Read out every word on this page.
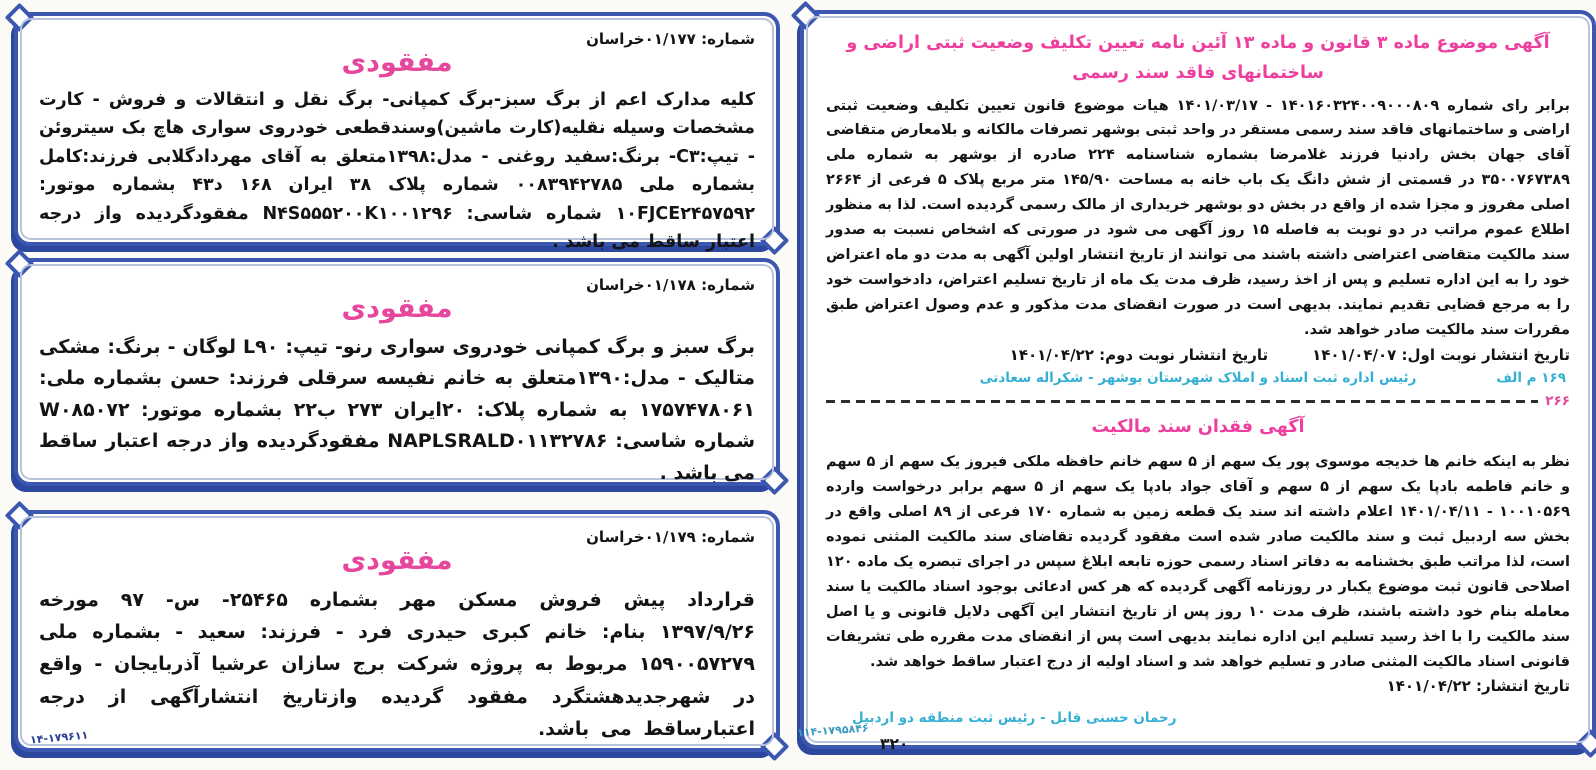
شماره: ۰۱/۱۷۷خراسان
مفقودی
کلیه مدارک اعم از برگ سبز-برگ کمپانی- برگ نقل و انتقالات و فروش - کارت مشخصات وسیله نقلیه(کارت ماشین)وسندقطعی خودروی سواری هاچ بک سیتروئن - تیپ:C۳- برنگ:سفید روغنی - مدل:۱۳۹۸متعلق به آقای مهردادگلابی فرزند:کامل بشماره ملی ۰۰۸۳۹۴۲۷۸۵ شماره پلاک ۳۸ ایران ۱۶۸ د۴۳ بشماره موتور: ۱۰FJCE۲۴۵۷۵۹۲ شماره شاسی: N۴S۵۵۵۲۰۰K۱۰۰۱۲۹۶ مفقودگردیده واز درجه اعتبار ساقط می باشد .
شماره: ۰۱/۱۷۸خراسان
مفقودی
برگ سبز و برگ کمپانی خودروی سواری رنو- تیپ: L۹۰ لوگان - برنگ: مشکی متالیک - مدل:۱۳۹۰متعلق به خانم نفیسه سرقلی فرزند: حسن بشماره ملی: ۱۷۵۷۴۷۸۰۶۱ به شماره پلاک: ۲۰ایران ۲۷۳ ب۲۲ بشماره موتور: W۰۸۵۰۷۲ شماره شاسی: NAPLSRALD۰۱۱۳۲۷۸۶ مفقودگردیده واز درجه اعتبار ساقط می باشد .
شماره: ۰۱/۱۷۹خراسان
مفقودی
قرارداد پیش فروش مسکن مهر بشماره ۲۵۴۶۵- س- ۹۷ مورخه ۱۳۹۷/۹/۲۶ بنام: خانم کبری حیدری فرد - فرزند: سعید - بشماره ملی ۱۵۹۰۰۵۷۲۷۹ مربوط به پروژه شرکت برج سازان عرشیا آذربایجان - واقع در شهرجدیدهشتگرد مفقود گردیده وازتاریخ انتشارآگهی از درجه اعتبارساقط می باشد.
آگهی موضوع ماده ۳ قانون و ماده ۱۳ آئین نامه تعیین تکلیف وضعیت ثبتی اراضی و ساختمانهای فاقد سند رسمی
برابر رای شماره ۱۴۰۱۶۰۳۲۴۰۰۹۰۰۰۸۰۹ - ۱۴۰۱/۰۳/۱۷ هیات موضوع قانون تعیین تکلیف وضعیت ثبتی اراضی و ساختمانهای فاقد سند رسمی مستقر در واحد ثبتی بوشهر تصرفات مالکانه و بلامعارض متقاضی آقای جهان بخش رادنیا فرزند غلامرضا بشماره شناسنامه ۲۲۴ صادره از بوشهر به شماره ملی ۳۵۰۰۷۶۷۳۸۹ در قسمتی از شش دانگ یک باب خانه به مساحت ۱۴۵/۹۰ متر مربع پلاک ۵ فرعی از ۲۶۶۴ اصلی مفروز و مجزا شده از واقع در بخش دو بوشهر خریداری از مالک رسمی گردیده است. لذا به منظور اطلاع عموم مراتب در دو نوبت به فاصله ۱۵ روز آگهی می شود در صورتی که اشخاص نسبت به صدور سند مالکیت متقاضی اعتراضی داشته باشند می توانند از تاریخ انتشار اولین آگهی به مدت دو ماه اعتراض خود را به این اداره تسلیم و پس از اخذ رسید، ظرف مدت یک ماه از تاریخ تسلیم اعتراض، دادخواست خود را به مرجع قضایی تقدیم نمایند. بدیهی است در صورت انقضای مدت مذکور و عدم وصول اعتراض طبق مقررات سند مالکیت صادر خواهد شد.
تاریخ انتشار نوبت اول: ۱۴۰۱/۰۴/۰۷
تاریخ انتشار نوبت دوم: ۱۴۰۱/۰۴/۲۲
۱۶۹ م الف
رئیس اداره ثبت اسناد و املاک شهرستان بوشهر - شکراله سعادتی
۲۶۶
آگهی فقدان سند مالکیت
نظر به اینکه خانم ها خدیجه موسوی پور یک سهم از ۵ سهم خانم حافظه ملکی فیروز یک سهم از ۵ سهم و خانم فاطمه بادپا یک سهم از ۵ سهم و آقای جواد بادپا یک سهم از ۵ سهم برابر درخواست وارده ۱۰۰۱۰۵۶۹ - ۱۴۰۱/۰۴/۱۱ اعلام داشته اند سند یک قطعه زمین به شماره ۱۷۰ فرعی از ۸۹ اصلی واقع در بخش سه اردبیل ثبت و سند مالکیت صادر شده است مفقود گردیده تقاضای سند مالکیت المثنی نموده است، لذا مراتب طبق بخشنامه به دفاتر اسناد رسمی حوزه تابعه ابلاغ سپس در اجرای تبصره یک ماده ۱۲۰ اصلاحی قانون ثبت موضوع یکبار در روزنامه آگهی گردیده که هر کس ادعائی بوجود اسناد مالکیت یا سند معامله بنام خود داشته باشند، ظرف مدت ۱۰ روز پس از تاریخ انتشار این آگهی دلایل قانونی و یا اصل سند مالکیت را با اخذ رسید تسلیم این اداره نمایند بدیهی است پس از انقضای مدت مقرره طی تشریفات قانونی اسناد مالکیت المثنی صادر و تسلیم خواهد شد و اسناد اولیه از درج اعتبار ساقط خواهد شد.
تاریخ انتشار: ۱۴۰۱/۰۴/۲۲
رحمان حسنی قابل - رئیس ثبت منطقه دو اردبیل
۳۲۰
۱۴-۱۷۹۶۱۱	۱۱۴-۱۷۹۵۸۴۶
